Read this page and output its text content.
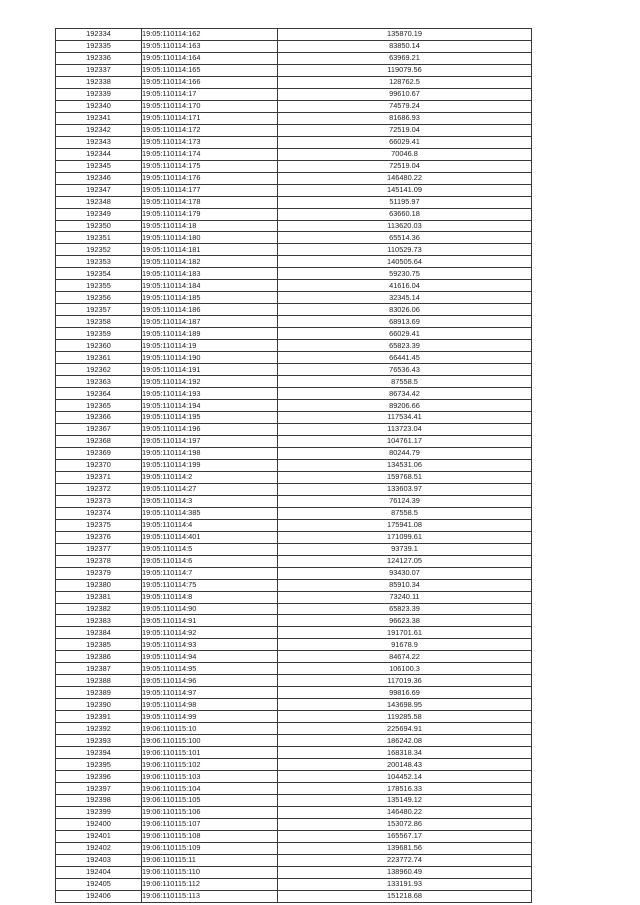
192334	19:05:110114:162	135870.19
192335	19:05:110114:163	83850.14
192336	19:05:110114:164	63969.21
192337	19:05:110114:165	119079.56
192338	19:05:110114:166	128762.5
192339	19:05:110114:17	99610.67
192340	19:05:110114:170	74579.24
192341	19:05:110114:171	81686.93
192342	19:05:110114:172	72519.04
192343	19:05:110114:173	66029.41
192344	19:05:110114:174	70046.8
192345	19:05:110114:175	72519.04
192346	19:05:110114:176	146480.22
192347	19:05:110114:177	145141.09
192348	19:05:110114:178	51195.97
192349	19:05:110114:179	63660.18
192350	19:05:110114:18	113620.03
192351	19:05:110114:180	65514.36
192352	19:05:110114:181	110529.73
192353	19:05:110114:182	140505.64
192354	19:05:110114:183	59230.75
192355	19:05:110114:184	41616.04
192356	19:05:110114:185	32345.14
192357	19:05:110114:186	83026.06
192358	19:05:110114:187	68913.69
192359	19:05:110114:189	66029.41
192360	19:05:110114:19	65823.39
192361	19:05:110114:190	66441.45
192362	19:05:110114:191	76536.43
192363	19:05:110114:192	87558.5
192364	19:05:110114:193	86734.42
192365	19:05:110114:194	89206.66
192366	19:05:110114:195	117534.41
192367	19:05:110114:196	113723.04
192368	19:05:110114:197	104761.17
192369	19:05:110114:198	80244.79
192370	19:05:110114:199	134531.06
192371	19:05:110114:2	159768.51
192372	19:05:110114:27	133603.97
192373	19:05:110114:3	76124.39
192374	19:05:110114:385	87558.5
192375	19:05:110114:4	175941.08
192376	19:05:110114:401	171099.61
192377	19:05:110114:5	93739.1
192378	19:05:110114:6	124127.05
192379	19:05:110114:7	93430.07
192380	19:05:110114:75	85910.34
192381	19:05:110114:8	73240.11
192382	19:05:110114:90	65823.39
192383	19:05:110114:91	96623.38
192384	19:05:110114:92	191701.61
192385	19:05:110114:93	91678.9
192386	19:05:110114:94	84674.22
192387	19:05:110114:95	106100.3
192388	19:05:110114:96	117019.36
192389	19:05:110114:97	99816.69
192390	19:05:110114:98	143698.95
192391	19:05:110114:99	119285.58
192392	19:06:110115:10	225694.91
192393	19:06:110115:100	186242.08
192394	19:06:110115:101	168318.34
192395	19:06:110115:102	200148.43
192396	19:06:110115:103	104452.14
192397	19:06:110115:104	178516.33
192398	19:06:110115:105	135149.12
192399	19:06:110115:106	146480.22
192400	19:06:110115:107	153072.86
192401	19:06:110115:108	165567.17
192402	19:06:110115:109	139681.56
192403	19:06:110115:11	223772.74
192404	19:06:110115:110	138960.49
192405	19:06:110115:112	133191.93
192406	19:06:110115:113	151218.68
